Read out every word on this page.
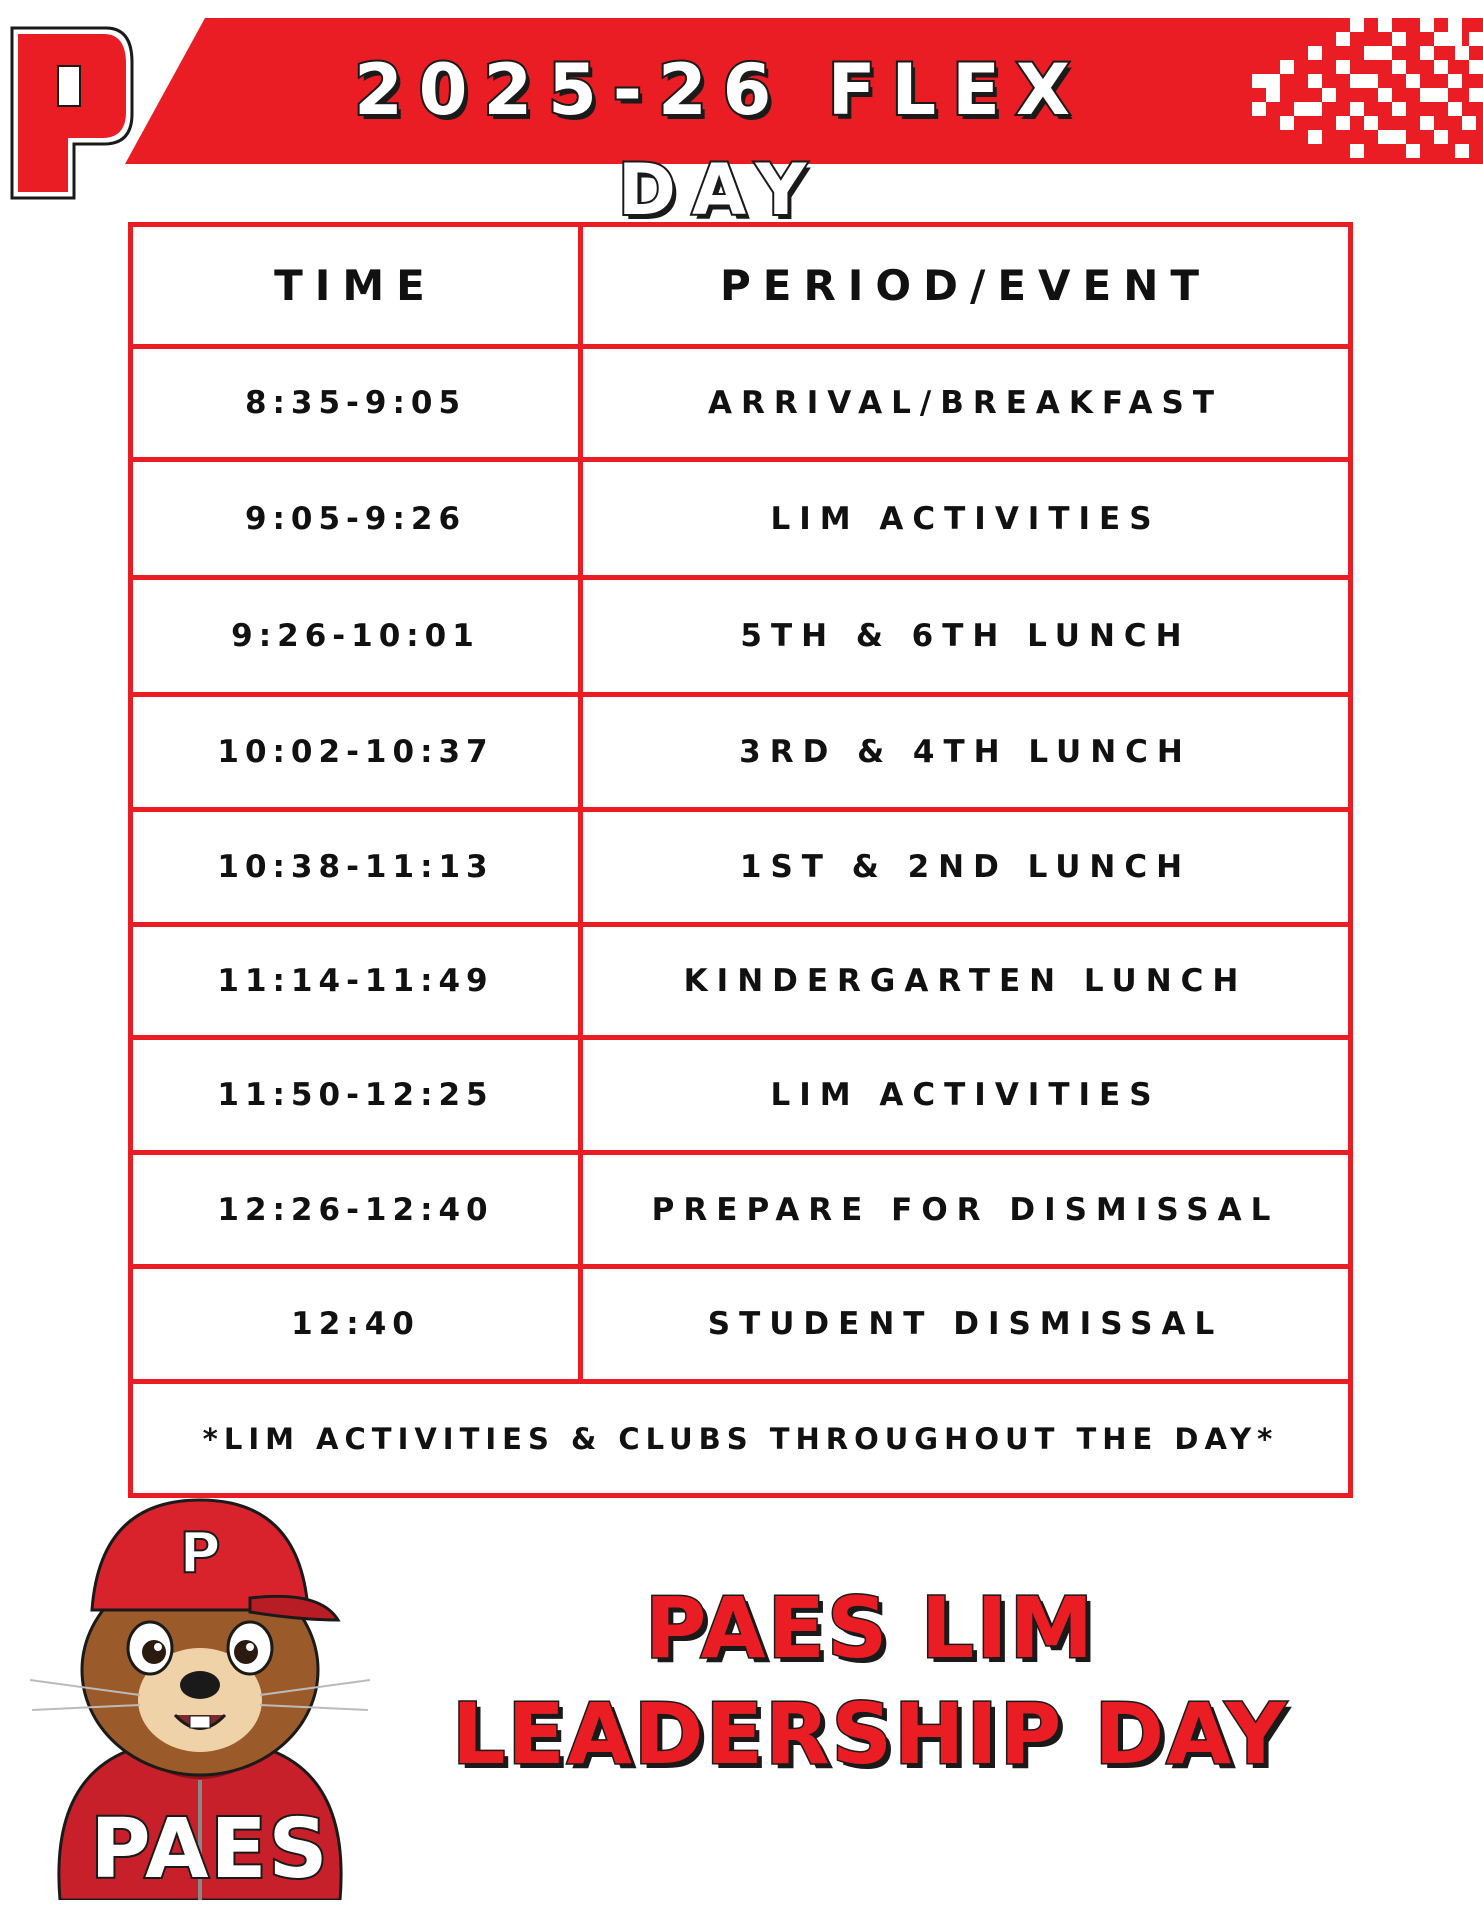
2025-26 FLEX DAY
TIME	PERIOD/EVENT
8:35-9:05	ARRIVAL/BREAKFAST
9:05-9:26	LIM ACTIVITIES
9:26-10:01	5TH & 6TH LUNCH
10:02-10:37	3RD & 4TH LUNCH
10:38-11:13	1ST & 2ND LUNCH
11:14-11:49	KINDERGARTEN LUNCH
11:50-12:25	LIM ACTIVITIES
12:26-12:40	PREPARE FOR DISMISSAL
12:40	STUDENT DISMISSAL
*LIM ACTIVITIES & CLUBS THROUGHOUT THE DAY*
P
PAES
PAES LIM
LEADERSHIP DAY
